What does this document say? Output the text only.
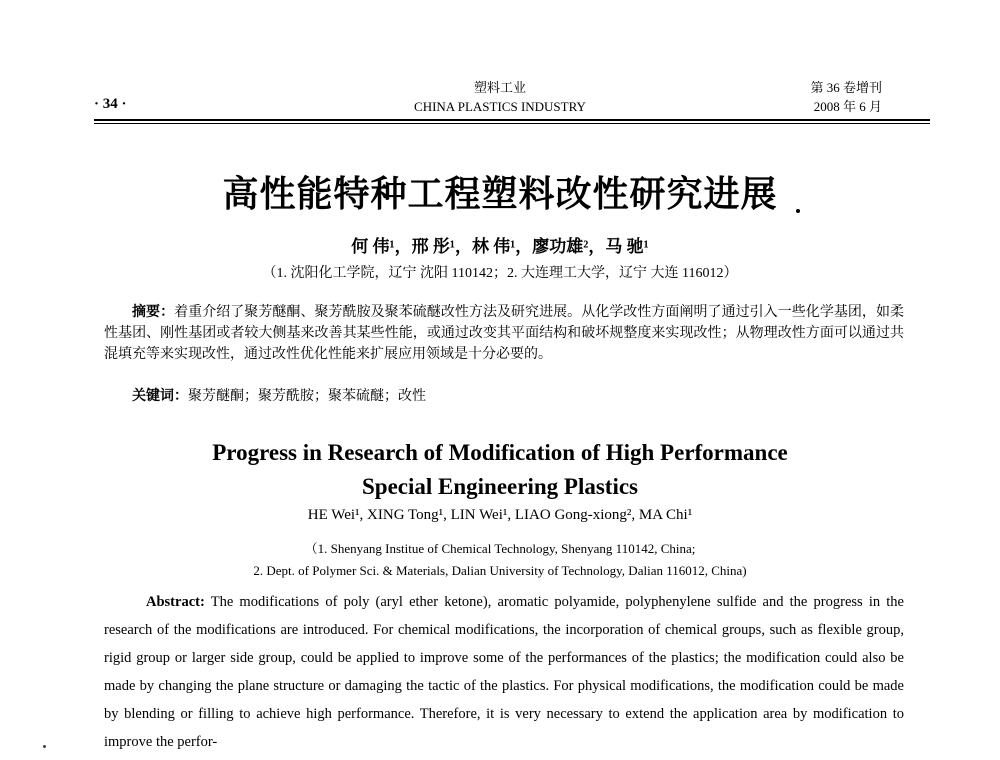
· 34 ·
塑料工业
CHINA PLASTICS INDUSTRY
第 36 卷增刊
2008 年 6 月
高性能特种工程塑料改性研究进展
何 伟¹，邢 彤¹，林 伟¹，廖功雄²，马 驰¹
（1. 沈阳化工学院，辽宁 沈阳 110142；2. 大连理工大学，辽宁 大连 116012）
摘要：着重介绍了聚芳醚酮、聚芳酰胺及聚苯硫醚改性方法及研究进展。从化学改性方面阐明了通过引入一些化学基团，如柔性基团、刚性基团或者较大侧基来改善其某些性能，或通过改变其平面结构和破坏规整度来实现改性；从物理改性方面可以通过共混填充等来实现改性，通过改性优化性能来扩展应用领域是十分必要的。
关键词：聚芳醚酮；聚芳酰胺；聚苯硫醚；改性
Progress in Research of Modification of High Performance
Special Engineering Plastics
HE Wei¹, XING Tong¹, LIN Wei¹, LIAO Gong-xiong², MA Chi¹
（1. Shenyang Institue of Chemical Technology, Shenyang 110142, China;
2. Dept. of Polymer Sci. & Materials, Dalian University of Technology, Dalian 116012, China)
Abstract: The modifications of poly (aryl ether ketone), aromatic polyamide, polyphenylene sulfide and the progress in the research of the modifications are introduced. For chemical modifications, the incorporation of chemical groups, such as flexible group, rigid group or larger side group, could be applied to improve some of the performances of the plastics; the modification could also be made by changing the plane structure or damaging the tactic of the plastics. For physical modifications, the modification could be made by blending or filling to achieve high performance. Therefore, it is very necessary to extend the application area by modification to improve the perfor-
